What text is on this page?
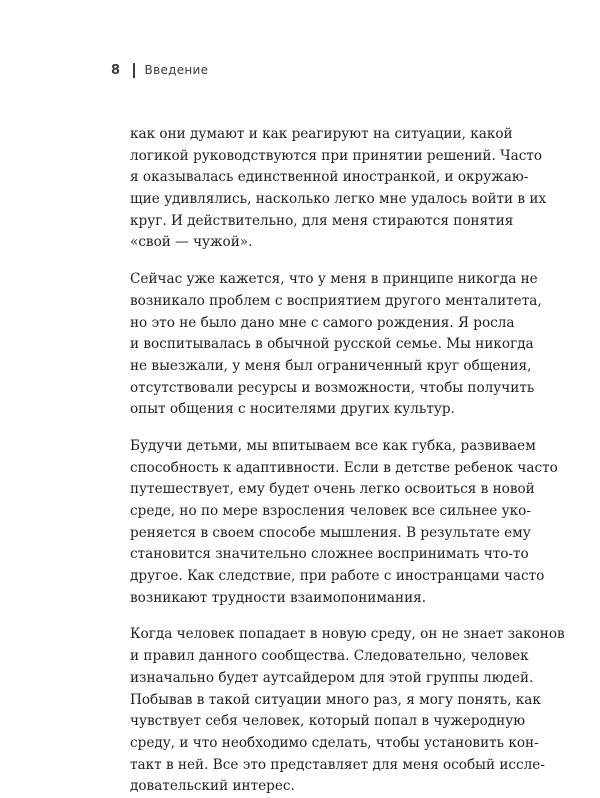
8 Введение
как они думают и как реагируют на ситуации, какой
логикой руководствуются при принятии решений. Часто
я оказывалась единственной иностранкой, и окружаю-
щие удивлялись, насколько легко мне удалось войти в их
круг. И действительно, для меня стираются понятия
«свой — чужой».
Сейчас уже кажется, что у меня в принципе никогда не
возникало проблем с восприятием другого менталитета,
но это не было дано мне с самого рождения. Я росла
и воспитывалась в обычной русской семье. Мы никогда
не выезжали, у меня был ограниченный круг общения,
отсутствовали ресурсы и возможности, чтобы получить
опыт общения с носителями других культур.
Будучи детьми, мы впитываем все как губка, развиваем
способность к адаптивности. Если в детстве ребенок часто
путешествует, ему будет очень легко освоиться в новой
среде, но по мере взросления человек все сильнее уко-
реняется в своем способе мышления. В результате ему
становится значительно сложнее воспринимать что-то
другое. Как следствие, при работе с иностранцами часто
возникают трудности взаимопонимания.
Когда человек попадает в новую среду, он не знает законов
и правил данного сообщества. Следовательно, человек
изначально будет аутсайдером для этой группы людей.
Побывав в такой ситуации много раз, я могу понять, как
чувствует себя человек, который попал в чужеродную
среду, и что необходимо сделать, чтобы установить кон-
такт в ней. Все это представляет для меня особый иссле-
довательский интерес.
